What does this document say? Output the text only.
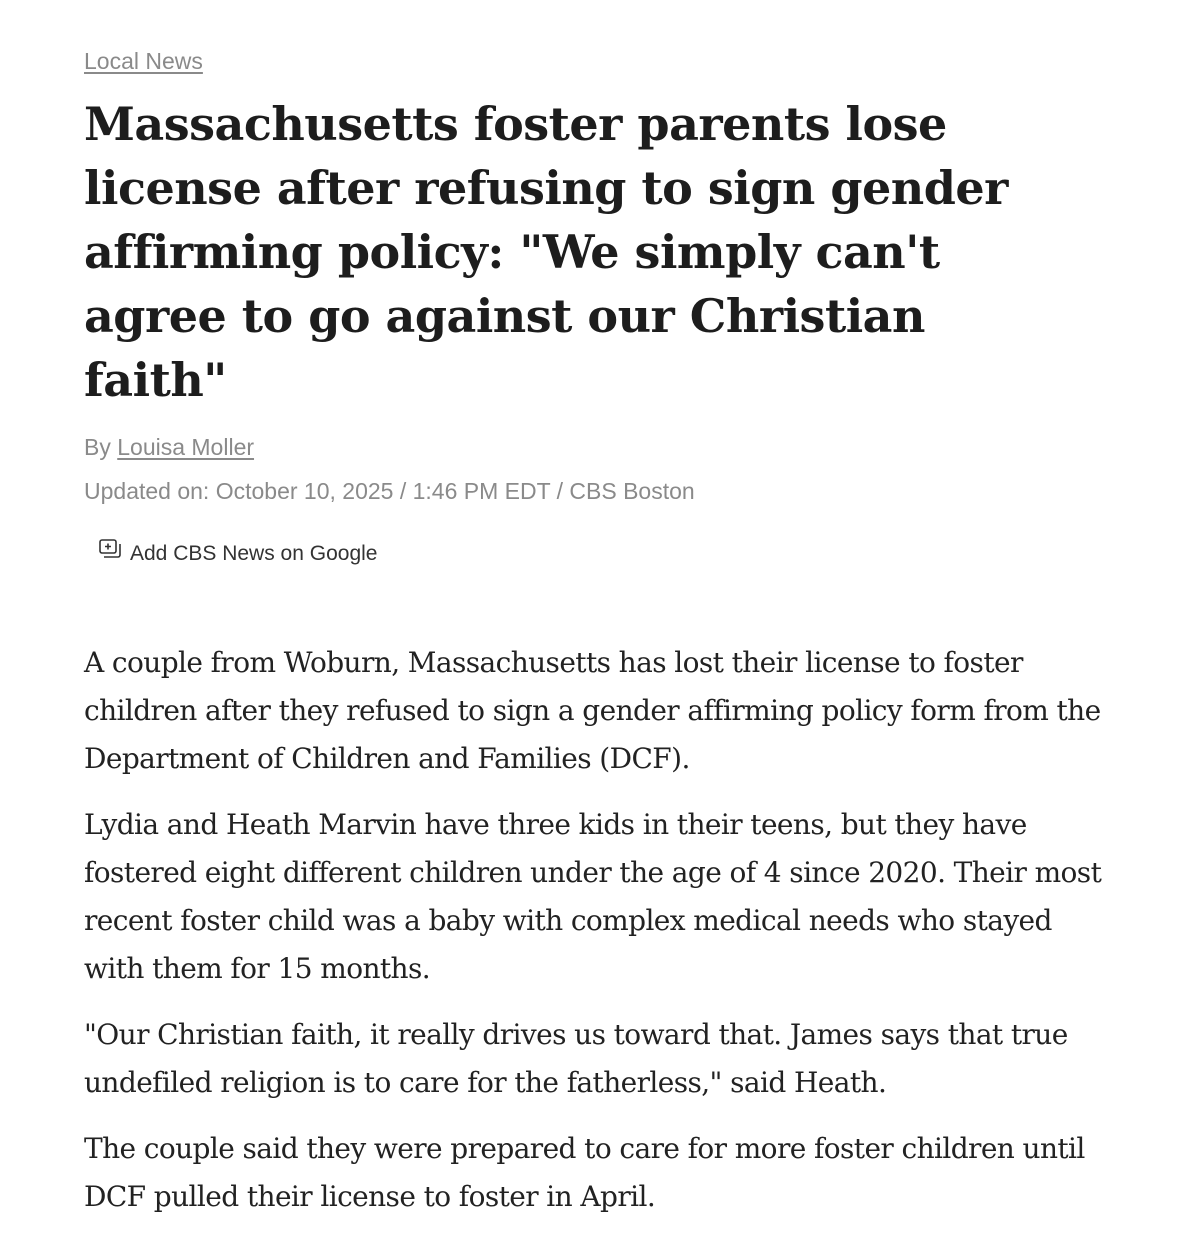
Local News
Massachusetts foster parents lose license after refusing to sign gender affirming policy: "We simply can't agree to go against our Christian faith"
By Louisa Moller
Updated on: October 10, 2025 / 1:46 PM EDT / CBS Boston
Add CBS News on Google

A couple from Woburn, Massachusetts has lost their license to foster children after they refused to sign a gender affirming policy form from the Department of Children and Families (DCF).

Lydia and Heath Marvin have three kids in their teens, but they have fostered eight different children under the age of 4 since 2020. Their most recent foster child was a baby with complex medical needs who stayed with them for 15 months.

"Our Christian faith, it really drives us toward that. James says that true undefiled religion is to care for the fatherless," said Heath.

The couple said they were prepared to care for more foster children until DCF pulled their license to foster in April.
